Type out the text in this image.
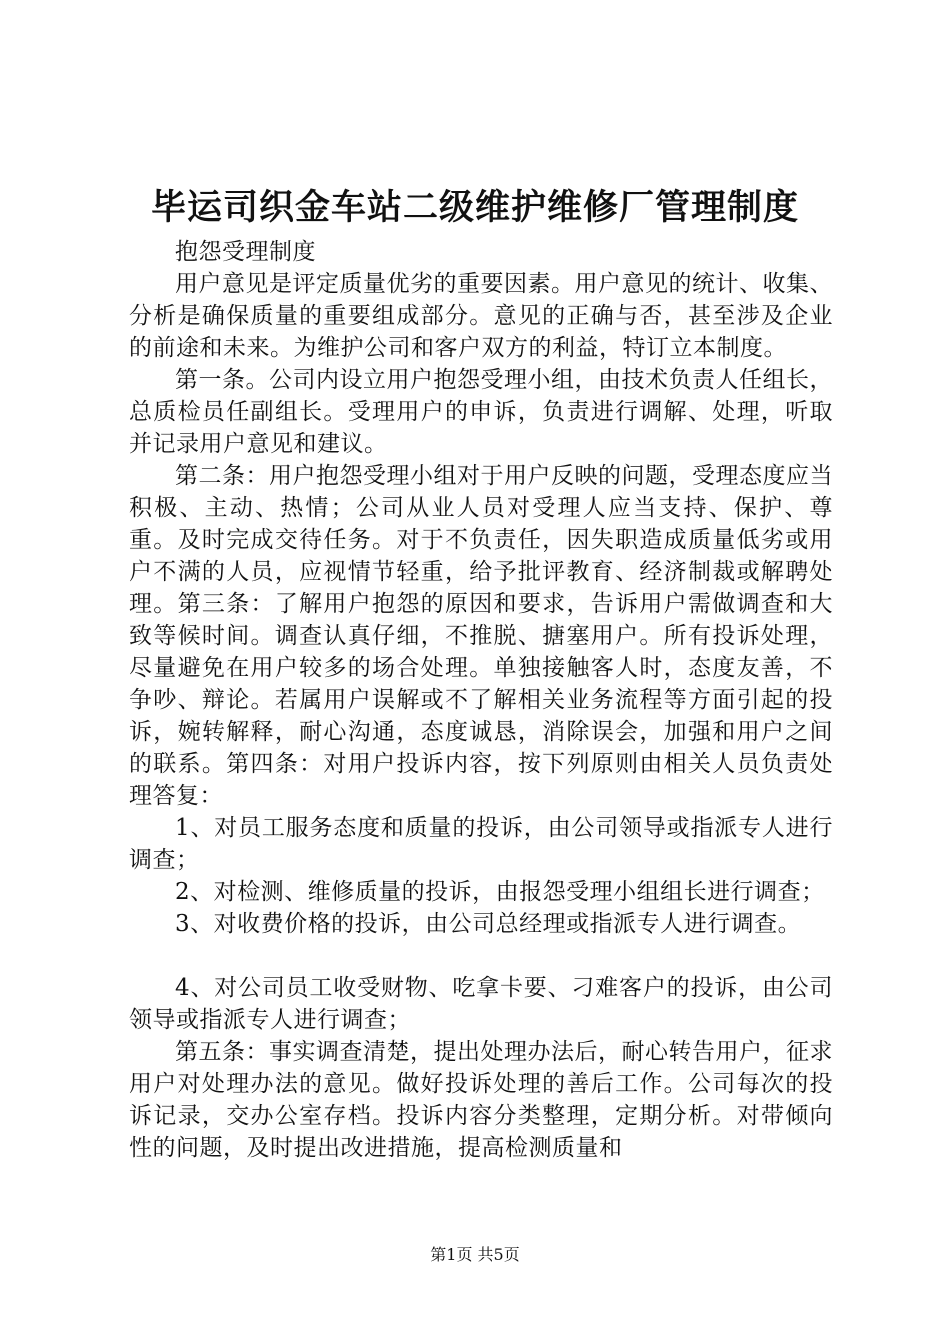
毕运司织金车站二级维护维修厂管理制度

抱怨受理制度

用户意见是评定质量优劣的重要因素。用户意见的统计、收集、分析是确保质量的重要组成部分。意见的正确与否，甚至涉及企业的前途和未来。为维护公司和客户双方的利益，特订立本制度。

第一条。公司内设立用户抱怨受理小组，由技术负责人任组长，总质检员任副组长。受理用户的申诉，负责进行调解、处理，听取并记录用户意见和建议。

第二条：用户抱怨受理小组对于用户反映的问题，受理态度应当积极、主动、热情；公司从业人员对受理人应当支持、保护、尊重。及时完成交待任务。对于不负责任，因失职造成质量低劣或用户不满的人员，应视情节轻重，给予批评教育、经济制裁或解聘处理。第三条：了解用户抱怨的原因和要求，告诉用户需做调查和大致等候时间。调查认真仔细，不推脱、搪塞用户。所有投诉处理，尽量避免在用户较多的场合处理。单独接触客人时，态度友善，不争吵、辩论。若属用户误解或不了解相关业务流程等方面引起的投诉，婉转解释，耐心沟通，态度诚恳，消除误会，加强和用户之间的联系。第四条：对用户投诉内容，按下列原则由相关人员负责处理答复：

1、对员工服务态度和质量的投诉，由公司领导或指派专人进行调查；

2、对检测、维修质量的投诉，由报怨受理小组组长进行调查；

3、对收费价格的投诉，由公司总经理或指派专人进行调查。

4、对公司员工收受财物、吃拿卡要、刁难客户的投诉，由公司领导或指派专人进行调查；

第五条：事实调查清楚，提出处理办法后，耐心转告用户，征求用户对处理办法的意见。做好投诉处理的善后工作。公司每次的投诉记录，交办公室存档。投诉内容分类整理，定期分析。对带倾向性的问题，及时提出改进措施，提高检测质量和

第1页 共5页
